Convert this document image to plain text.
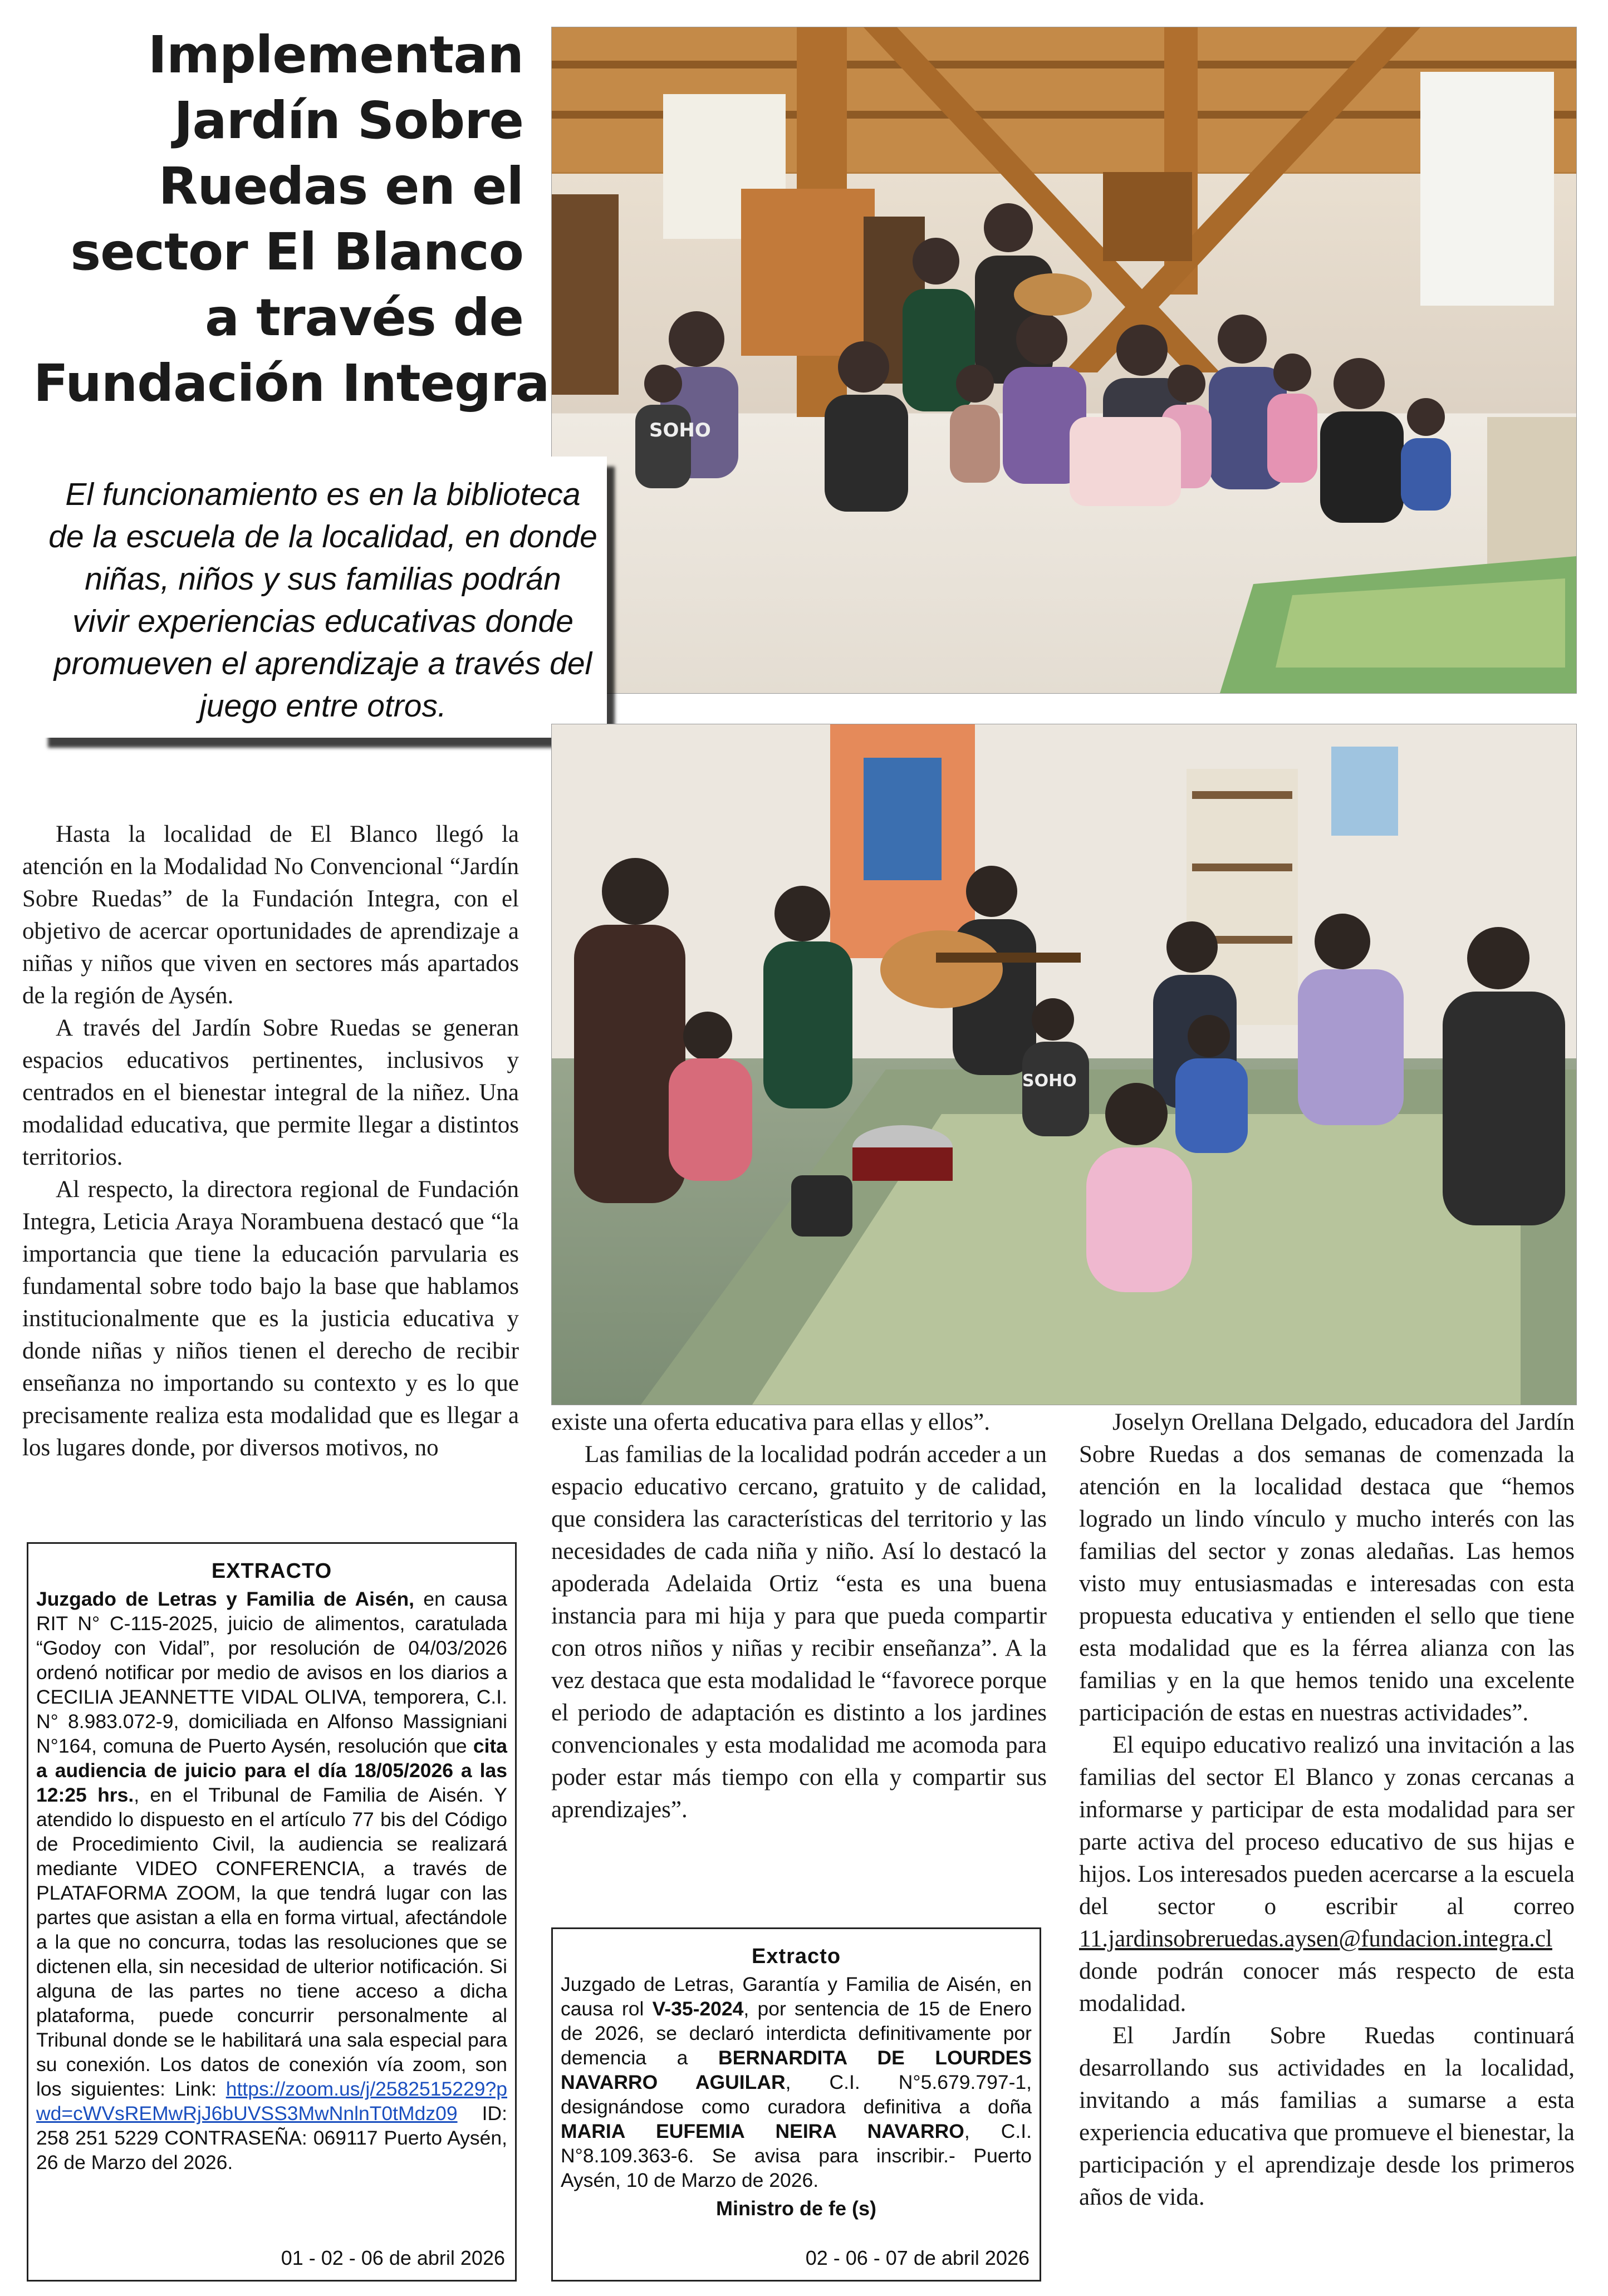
Implementan
Jardín Sobre
Ruedas en el
sector El Blanco
a través de
Fundación Integra
SOHO
El funcionamiento es en la biblioteca
de la escuela de la localidad, en donde
niñas, niños y sus familias podrán
vivir experiencias educativas donde
promueven el aprendizaje a través del
juego entre otros.
SOHO

Hasta la localidad de El Blanco llegó la atención en la Modalidad No Convencional “Jardín Sobre Ruedas” de la Fundación Integra, con el objetivo de acercar oportunidades de aprendizaje a niñas y niños que viven en sectores más apartados de la región de Aysén.

A través del Jardín Sobre Ruedas se generan espacios educativos pertinentes, inclusivos y centrados en el bienestar integral de la niñez. Una modalidad educativa, que permite llegar a distintos territorios.

Al respecto, la directora regional de Fundación Integra, Leticia Araya Norambuena destacó que “la importancia que tiene la educación parvularia es fundamental sobre todo bajo la base que hablamos institucionalmente que es la justicia educativa y donde niñas y niños tienen el derecho de recibir enseñanza no importando su contexto y es lo que precisamente realiza esta modalidad que es llegar a los lugares donde, por diversos motivos, no

existe una oferta educativa para ellas y ellos”.

Las familias de la localidad podrán acceder a un espacio educativo cercano, gratuito y de calidad, que considera las características del territorio y las necesidades de cada niña y niño. Así lo destacó la apoderada Adelaida Ortiz “esta es una buena instancia para mi hija y para que pueda compartir con otros niños y niñas y recibir enseñanza”. A la vez destaca que esta modalidad le “favorece porque el periodo de adaptación es distinto a los jardines convencionales y esta modalidad me acomoda para poder estar más tiempo con ella y compartir sus aprendizajes”.

Joselyn Orellana Delgado, educadora del Jardín Sobre Ruedas a dos semanas de comenzada la atención en la localidad destaca que “hemos logrado un lindo vínculo y mucho interés con las familias del sector y zonas aledañas. Las hemos visto muy entusiasmadas e interesadas con esta propuesta educativa y entienden el sello que tiene esta modalidad que es la férrea alianza con las familias y en la que hemos tenido una excelente participación de estas en nuestras actividades”.

El equipo educativo realizó una invitación a las familias del sector El Blanco y zonas cercanas a informarse y participar de esta modalidad para ser parte activa del proceso educativo de sus hijas e hijos. Los interesados pueden acercarse a la escuela del sector o escribir al correo 11.jardinsobreruedas.aysen@fundacion.integra.cl donde podrán conocer más respecto de esta modalidad.

El Jardín Sobre Ruedas continuará desarrollando sus actividades en la localidad, invitando a más familias a sumarse a esta experiencia educativa que promueve el bienestar, la participación y el aprendizaje desde los primeros años de vida.

EXTRACTO
Juzgado de Letras y Familia de Aisén, en causa RIT N° C-115-2025, juicio de alimentos, caratulada “Godoy con Vidal”, por resolución de 04/03/2026 ordenó notificar por medio de avisos en los diarios a CECILIA JEANNETTE VIDAL OLIVA, temporera, C.I. N° 8.983.072-9, domiciliada en Alfonso Massigniani N°164, comuna de Puerto Aysén, resolución que cita a audiencia de juicio para el día 18/05/2026 a las 12:25 hrs., en el Tribunal de Familia de Aisén. Y atendido lo dispuesto en el artículo 77 bis del Código de Procedimiento Civil, la audiencia se realizará mediante VIDEO CONFERENCIA, a través de PLATAFORMA ZOOM, la que tendrá lugar con las partes que asistan a ella en forma virtual, afectándole a la que no concurra, todas las resoluciones que se dictenen ella, sin necesidad de ulterior notificación. Si alguna de las partes no tiene acceso a dicha plataforma, puede concurrir personalmente al Tribunal donde se le habilitará una sala especial para su conexión. Los datos de conexión vía zoom, son los siguientes: Link: https://zoom.us/j/2582515229?pwd=cWVsREMwRjJ6bUVSS3MwNnlnT0tMdz09 ID: 258 251 5229 CONTRASEÑA: 069117 Puerto Aysén, 26 de Marzo del 2026.
01 - 02 - 06 de abril 2026
Extracto
Juzgado de Letras, Garantía y Familia de Aisén, en causa rol V-35-2024, por sentencia de 15 de Enero de 2026, se declaró interdicta definitivamente por demencia a BERNARDITA DE LOURDES NAVARRO AGUILAR, C.I. N°5.679.797-1, designándose como curadora definitiva a doña MARIA EUFEMIA NEIRA NAVARRO, C.I. N°8.109.363-6. Se avisa para inscribir.- Puerto Aysén, 10 de Marzo de 2026.
Ministro de fe (s)
02 - 06 - 07 de abril 2026
